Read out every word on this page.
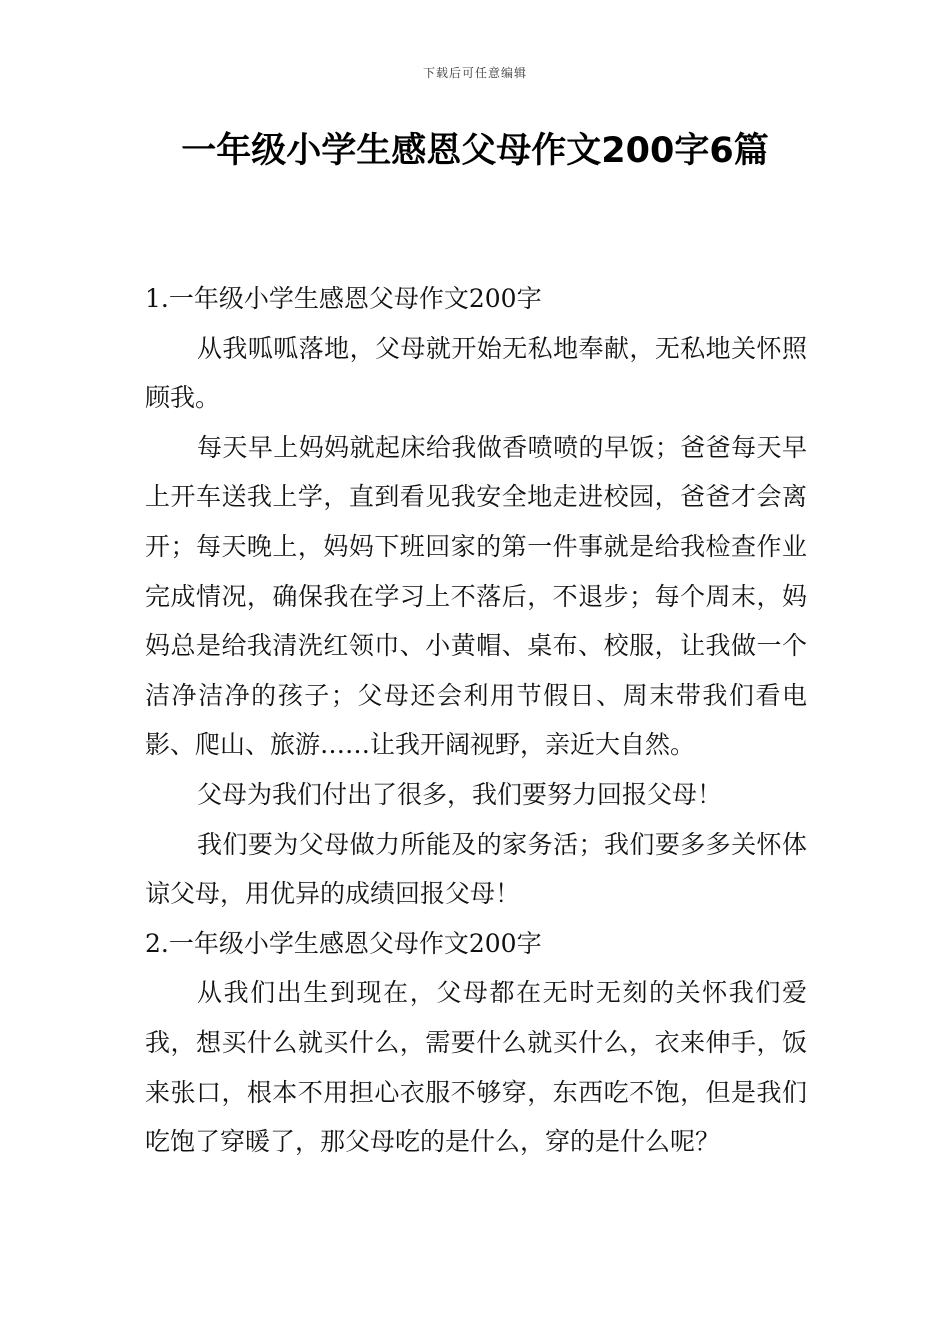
下载后可任意编辑
一年级小学生感恩父母作文200字6篇
1.一年级小学生感恩父母作文200字

从我呱呱落地，父母就开始无私地奉献，无私地关怀照顾我。

每天早上妈妈就起床给我做香喷喷的早饭；爸爸每天早上开车送我上学，直到看见我安全地走进校园，爸爸才会离开；每天晚上，妈妈下班回家的第一件事就是给我检查作业完成情况，确保我在学习上不落后，不退步；每个周末，妈妈总是给我清洗红领巾、小黄帽、桌布、校服，让我做一个洁净洁净的孩子；父母还会利用节假日、周末带我们看电影、爬山、旅游……让我开阔视野，亲近大自然。

父母为我们付出了很多，我们要努力回报父母！

我们要为父母做力所能及的家务活；我们要多多关怀体谅父母，用优异的成绩回报父母！

2.一年级小学生感恩父母作文200字

从我们出生到现在，父母都在无时无刻的关怀我们爱我，想买什么就买什么，需要什么就买什么，衣来伸手，饭来张口，根本不用担心衣服不够穿，东西吃不饱，但是我们吃饱了穿暖了，那父母吃的是什么，穿的是什么呢？
